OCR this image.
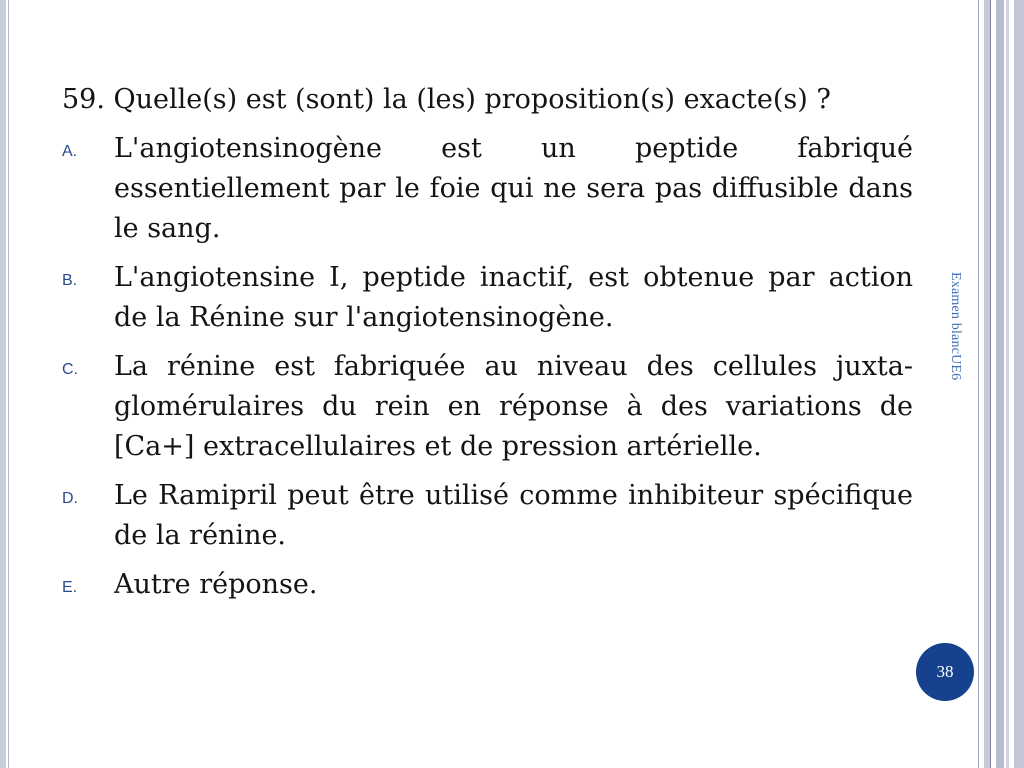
59. Quelle(s) est (sont) la (les) proposition(s) exacte(s) ?

A.	L'angiotensinogène est un peptide fabriqué essentiellement par le foie qui ne sera pas diffusible dans le sang.
B.	L'angiotensine I, peptide inactif, est obtenue par action de la Rénine sur l'angiotensinogène.
C.	La rénine est fabriquée au niveau des cellules juxta-glomérulaires du rein en réponse à des variations de [Ca+] extracellulaires et de pression artérielle.
D.	Le Ramipril peut être utilisé comme inhibiteur spécifique de la rénine.
E.	Autre réponse.
Examen blancUE6
38
